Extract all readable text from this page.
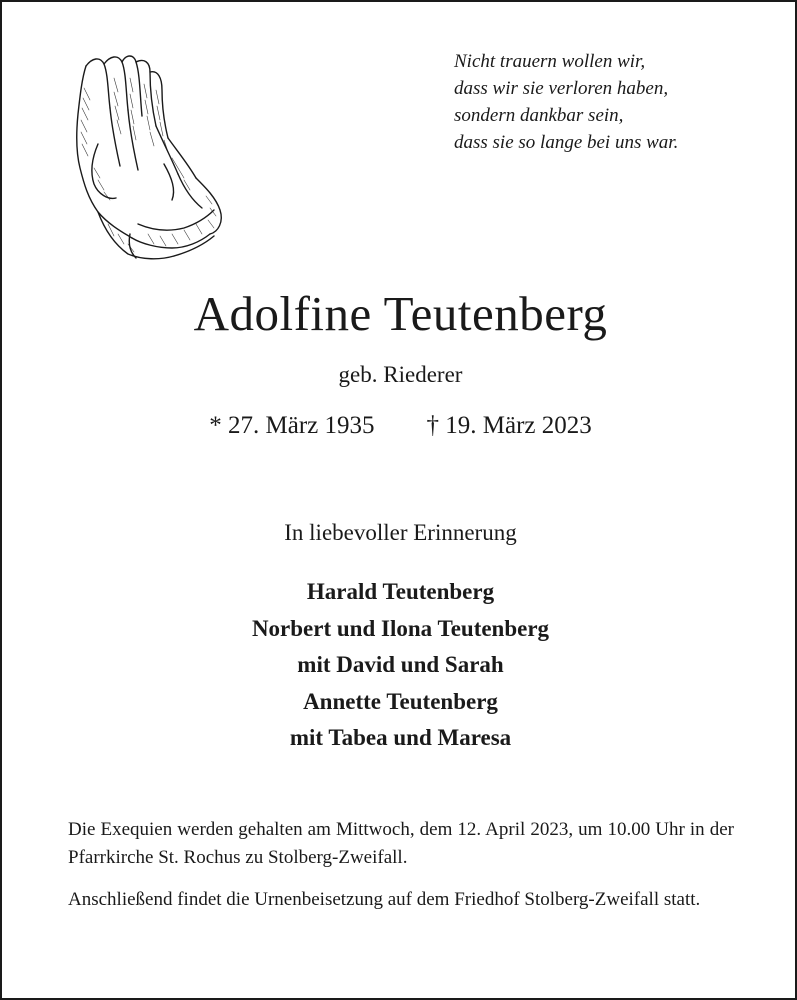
Nicht trauern wollen wir,
dass wir sie verloren haben,
sondern dankbar sein,
dass sie so lange bei uns war.
Adolfine Teutenberg
geb. Riederer
* 27. März 1935 † 19. März 2023
In liebevoller Erinnerung
Harald Teutenberg
Norbert und Ilona Teutenberg
mit David und Sarah
Annette Teutenberg
mit Tabea und Maresa

Die Exequien werden gehalten am Mittwoch, dem 12. April 2023, um 10.00 Uhr in der Pfarrkirche St. Rochus zu Stolberg-Zweifall.

Anschließend findet die Urnenbeisetzung auf dem Friedhof Stolberg-Zweifall statt.
